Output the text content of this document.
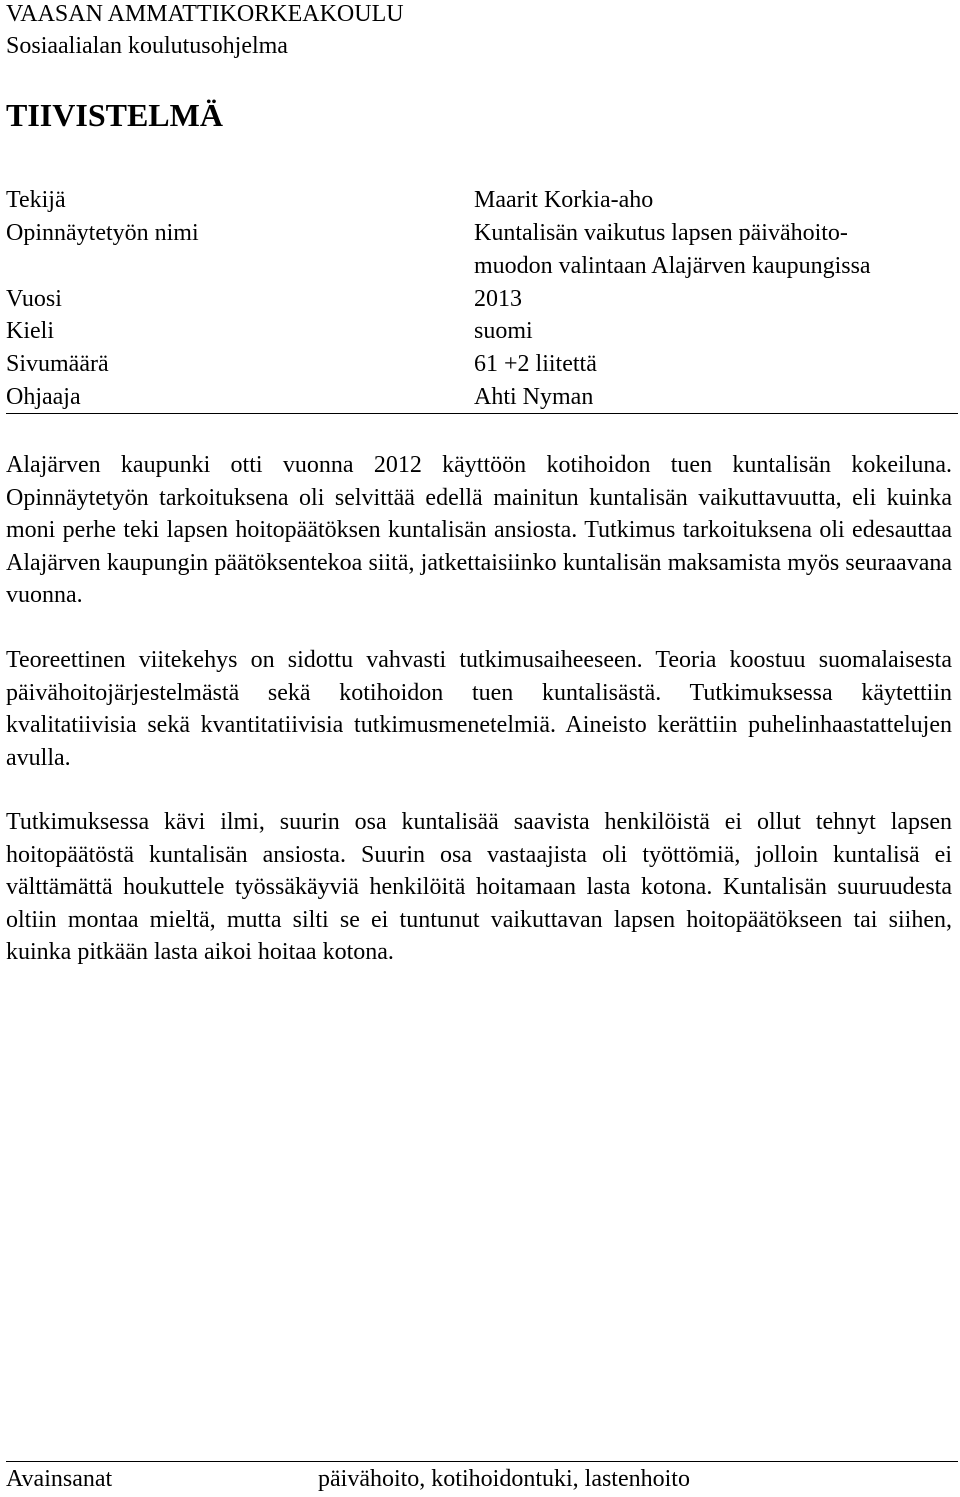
VAASAN AMMATTIKORKEAKOULU
Sosiaalialan koulutusohjelma
TIIVISTELMÄ
Tekijä	Maarit Korkia-aho
Opinnäytetyön nimi	Kuntalisän vaikutus lapsen päivähoito-
muodon valintaan Alajärven kaupungissa
Vuosi	2013
Kieli	suomi
Sivumäärä	61 +2 liitettä
Ohjaaja	Ahti Nyman

Alajärven kaupunki otti vuonna 2012 käyttöön kotihoidon tuen kuntalisän kokeiluna. Opinnäytetyön tarkoituksena oli selvittää edellä mainitun kuntalisän vaikuttavuutta, eli kuinka moni perhe teki lapsen hoitopäätöksen kuntalisän ansiosta. Tutkimus tarkoituksena oli edesauttaa Alajärven kaupungin päätöksentekoa siitä, jatkettaisiinko kuntalisän maksamista myös seuraavana vuonna.

Teoreettinen viitekehys on sidottu vahvasti tutkimusaiheeseen. Teoria koostuu suomalaisesta päivähoitojärjestelmästä sekä kotihoidon tuen kuntalisästä. Tutkimuksessa käytettiin kvalitatiivisia sekä kvantitatiivisia tutkimusmenetelmiä. Aineisto kerättiin puhelinhaastattelujen avulla.

Tutkimuksessa kävi ilmi, suurin osa kuntalisää saavista henkilöistä ei ollut tehnyt lapsen hoitopäätöstä kuntalisän ansiosta. Suurin osa vastaajista oli työttömiä, jolloin kuntalisä ei välttämättä houkuttele työssäkäyviä henkilöitä hoitamaan lasta kotona. Kuntalisän suuruudesta oltiin montaa mieltä, mutta silti se ei tuntunut vaikuttavan lapsen hoitopäätökseen tai siihen, kuinka pitkään lasta aikoi hoitaa kotona.

Avainsanat	päivähoito, kotihoidontuki, lastenhoito
